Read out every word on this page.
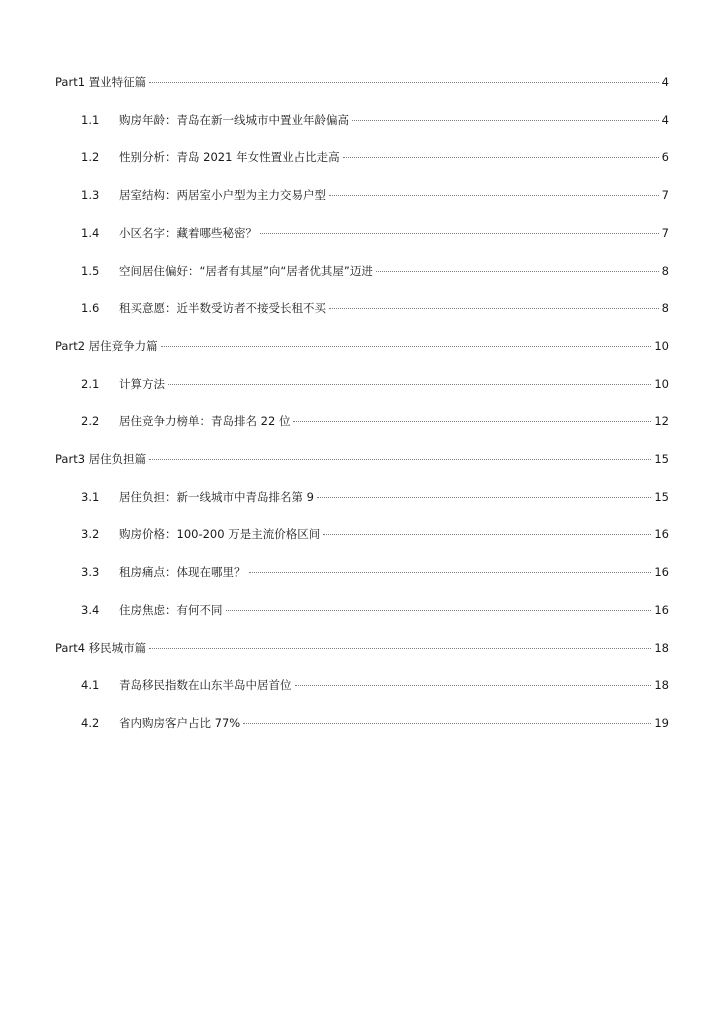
Part1 置业特征篇	4
1.1	购房年龄：青岛在新一线城市中置业年龄偏高	4
1.2	性别分析：青岛 2021 年女性置业占比走高	6
1.3	居室结构：两居室小户型为主力交易户型	7
1.4	小区名字：藏着哪些秘密？	7
1.5	空间居住偏好：“居者有其屋”向“居者优其屋”迈进	8
1.6	租买意愿：近半数受访者不接受长租不买	8
Part2 居住竞争力篇	10
2.1	计算方法	10
2.2	居住竞争力榜单：青岛排名 22 位	12
Part3 居住负担篇	15
3.1	居住负担：新一线城市中青岛排名第 9	15
3.2	购房价格：100-200 万是主流价格区间	16
3.3	租房痛点：体现在哪里？	16
3.4	住房焦虑：有何不同	16
Part4 移民城市篇	18
4.1	青岛移民指数在山东半岛中居首位	18
4.2	省内购房客户占比 77%	19
